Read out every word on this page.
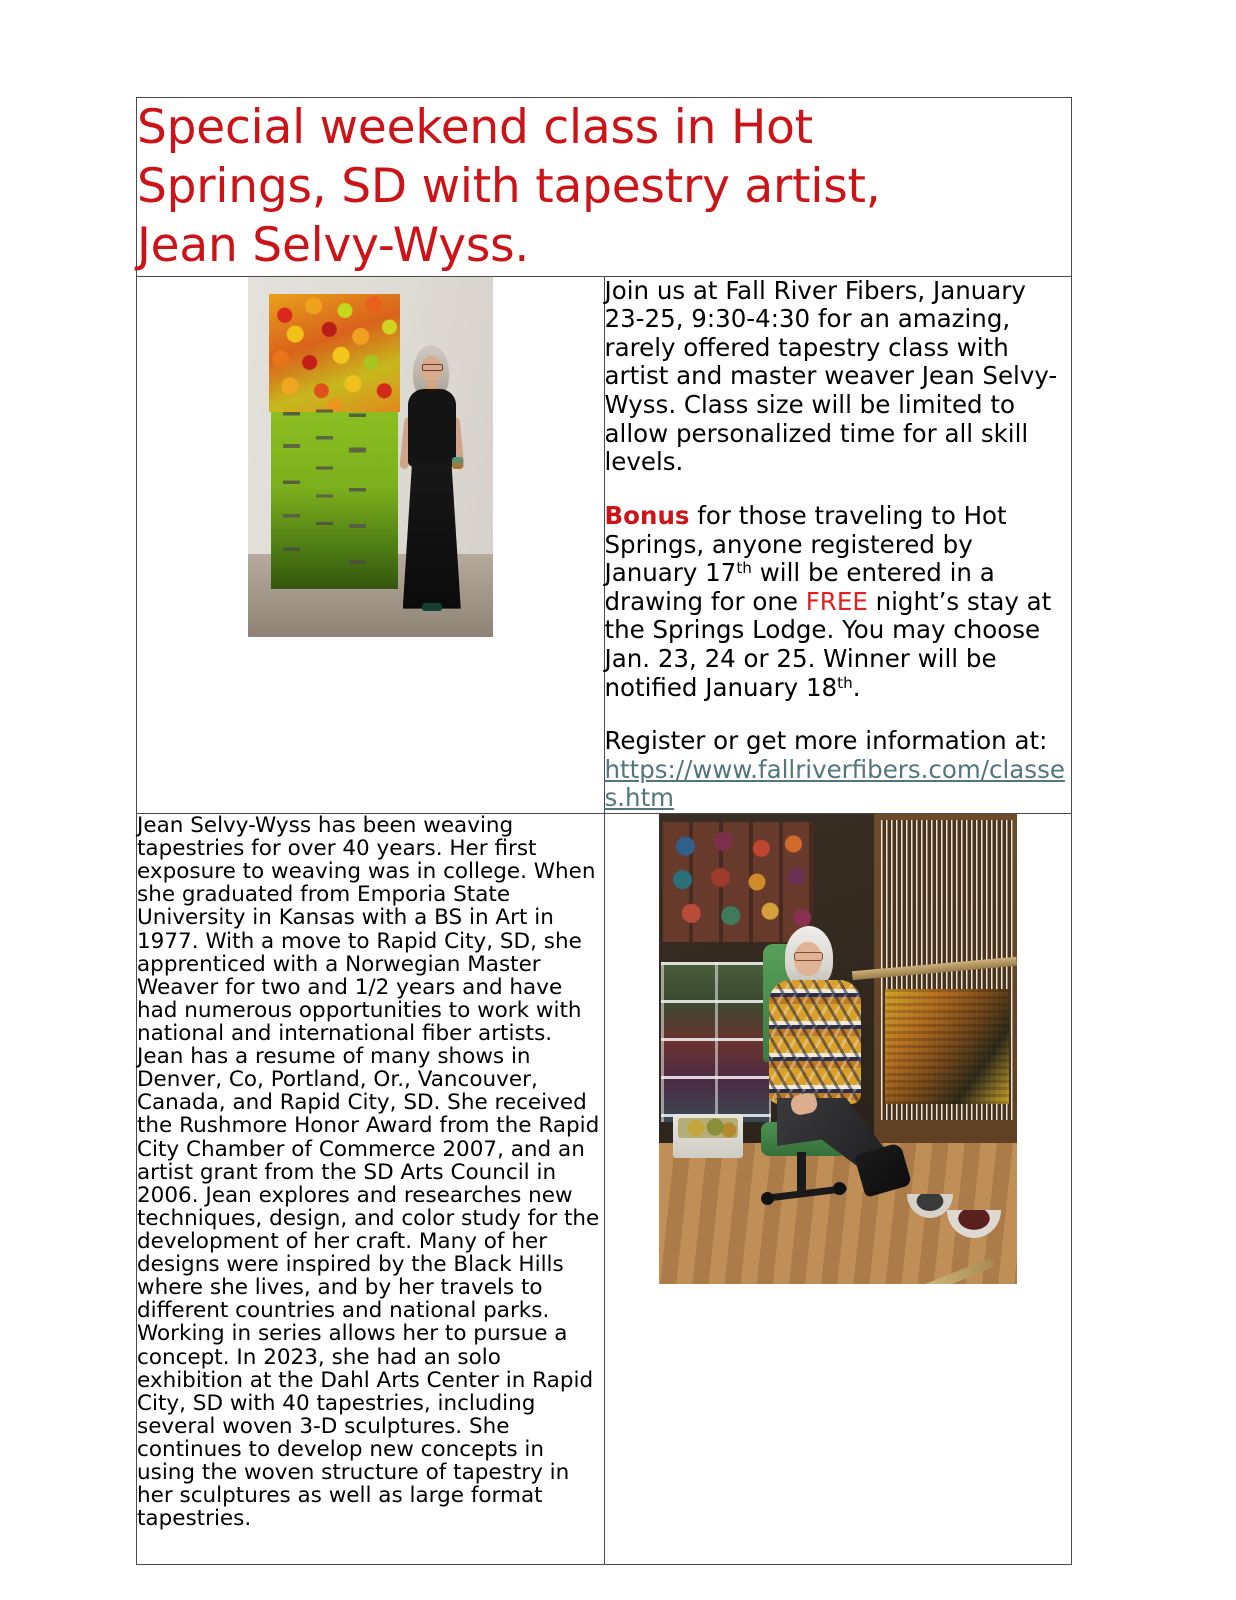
Special weekend class in Hot
Springs, SD with tapestry artist,
Jean Selvy-Wyss.	

	Join us at Fall River Fibers, January 23-25, 9:30-4:30 for an amazing, rarely offered tapestry class with artist and master weaver Jean Selvy-Wyss. Class size will be limited to allow personalized time for all skill levels.

Bonus for those traveling to Hot Springs, anyone registered by January 17th will be entered in a drawing for one FREE night’s stay at the Springs Lodge. You may choose Jan. 23, 24 or 25. Winner will be notified January 18th.

Register or get more information at:
https://www.fallriverfibers.com/classes.htm

Jean Selvy-Wyss has been weaving tapestries for over 40 years. Her first exposure to weaving was in college. When she graduated from Emporia State University in Kansas with a BS in Art in 1977. With a move to Rapid City, SD, she apprenticed with a Norwegian Master Weaver for two and 1/2 years and have had numerous opportunities to work with national and international fiber artists. Jean has a resume of many shows in Denver, Co, Portland, Or., Vancouver, Canada, and Rapid City, SD. She received the Rushmore Honor Award from the Rapid City Chamber of Commerce 2007, and an artist grant from the SD Arts Council in 2006. Jean explores and researches new techniques, design, and color study for the development of her craft. Many of her designs were inspired by the Black Hills where she lives, and by her travels to different countries and national parks. Working in series allows her to pursue a concept. In 2023, she had an solo exhibition at the Dahl Arts Center in Rapid City, SD with 40 tapestries, including several woven 3-D sculptures. She continues to develop new concepts in using the woven structure of tapestry in her sculptures as well as large format tapestries.	
